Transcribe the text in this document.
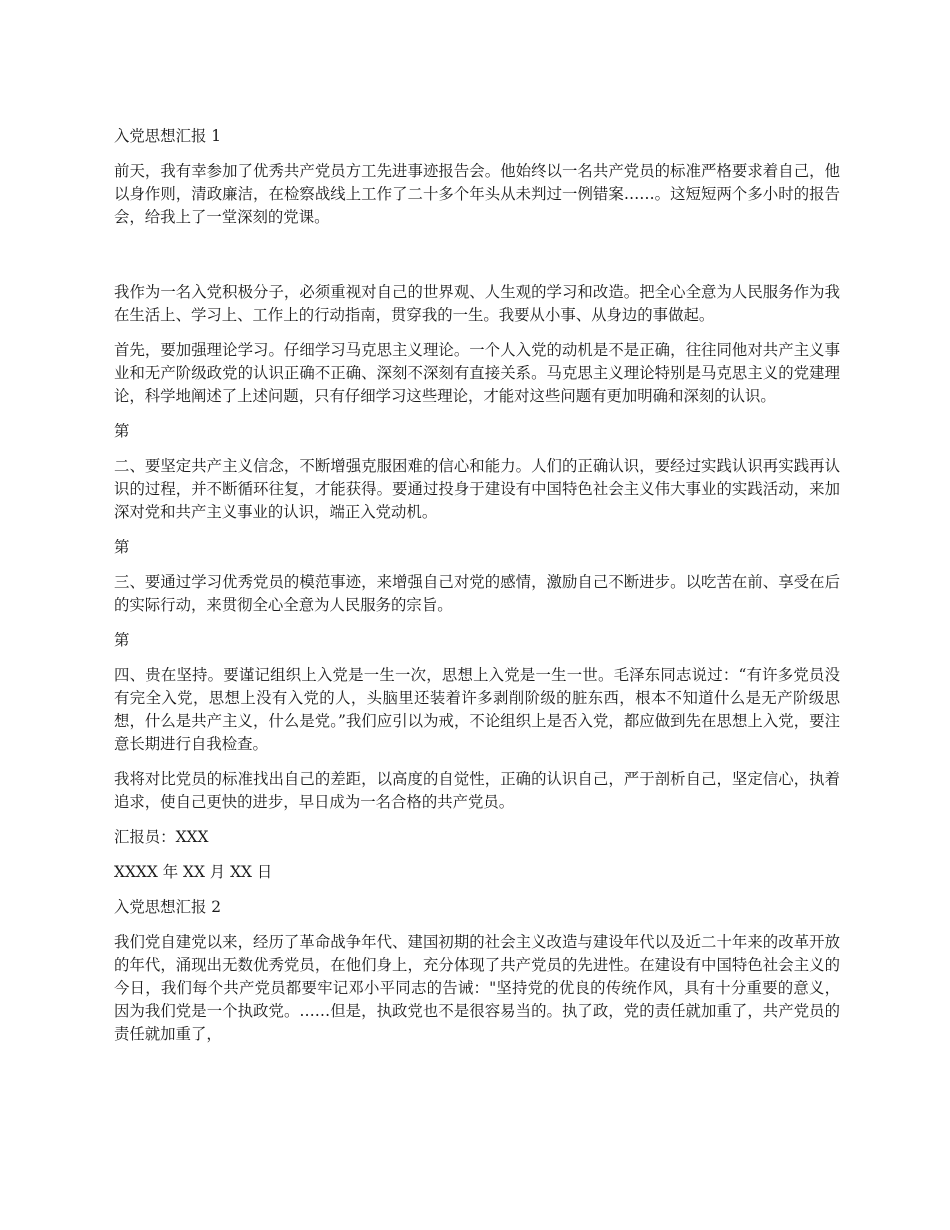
入党思想汇报 1

前天，我有幸参加了优秀共产党员方工先进事迹报告会。他始终以一名共产党员的标准严格要求着自己，他以身作则，清政廉洁，在检察战线上工作了二十多个年头从未判过一例错案……。这短短两个多小时的报告会，给我上了一堂深刻的党课。

我作为一名入党积极分子，必须重视对自己的世界观、人生观的学习和改造。把全心全意为人民服务作为我在生活上、学习上、工作上的行动指南，贯穿我的一生。我要从小事、从身边的事做起。

首先，要加强理论学习。仔细学习马克思主义理论。一个人入党的动机是不是正确，往往同他对共产主义事业和无产阶级政党的认识正确不正确、深刻不深刻有直接关系。马克思主义理论特别是马克思主义的党建理论，科学地阐述了上述问题，只有仔细学习这些理论，才能对这些问题有更加明确和深刻的认识。

第

二、要坚定共产主义信念，不断增强克服困难的信心和能力。人们的正确认识，要经过实践认识再实践再认识的过程，并不断循环往复，才能获得。要通过投身于建设有中国特色社会主义伟大事业的实践活动，来加深对党和共产主义事业的认识，端正入党动机。

第

三、要通过学习优秀党员的模范事迹，来增强自己对党的感情，激励自己不断进步。以吃苦在前、享受在后的实际行动，来贯彻全心全意为人民服务的宗旨。

第

四、贵在坚持。要谨记组织上入党是一生一次，思想上入党是一生一世。毛泽东同志说过：“有许多党员没有完全入党，思想上没有入党的人，头脑里还装着许多剥削阶级的脏东西，根本不知道什么是无产阶级思想，什么是共产主义，什么是党。”我们应引以为戒，不论组织上是否入党，都应做到先在思想上入党，要注意长期进行自我检查。

我将对比党员的标准找出自己的差距，以高度的自觉性，正确的认识自己，严于剖析自己，坚定信心，执着追求，使自己更快的进步，早日成为一名合格的共产党员。

汇报员：XXX

XXXX 年 XX 月 XX 日

入党思想汇报 2

我们党自建党以来，经历了革命战争年代、建国初期的社会主义改造与建设年代以及近二十年来的改革开放的年代，涌现出无数优秀党员，在他们身上，充分体现了共产党员的先进性。在建设有中国特色社会主义的今日，我们每个共产党员都要牢记邓小平同志的告诫："坚持党的优良的传统作风，具有十分重要的意义，因为我们党是一个执政党。……但是，执政党也不是很容易当的。执了政，党的责任就加重了，共产党员的责任就加重了，
